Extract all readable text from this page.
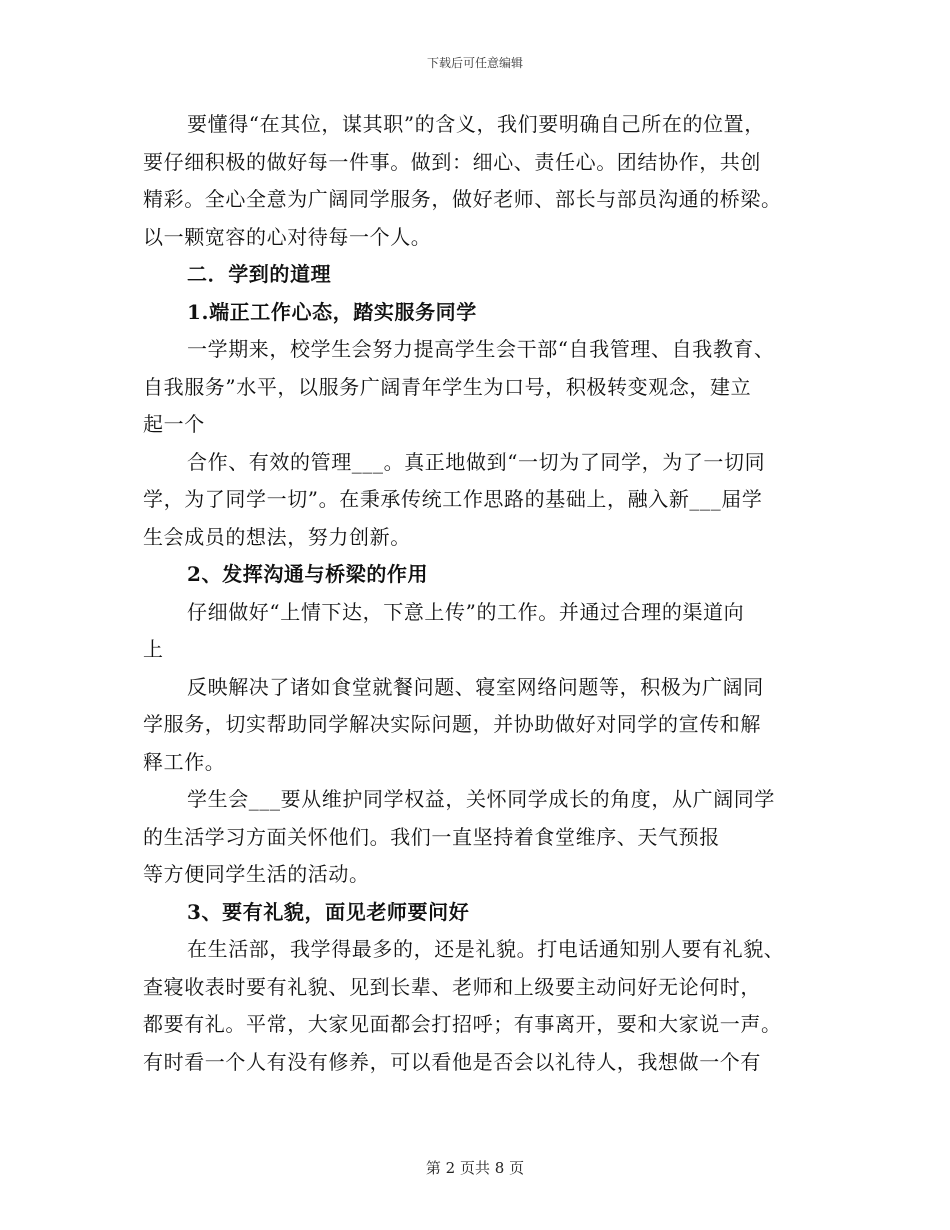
下载后可任意编辑
要懂得“在其位，谋其职”的含义，我们要明确自己所在的位置，
要仔细积极的做好每一件事。做到：细心、责任心。团结协作，共创
精彩。全心全意为广阔同学服务，做好老师、部长与部员沟通的桥梁。
以一颗宽容的心对待每一个人。
二．学到的道理
1.端正工作心态，踏实服务同学
一学期来，校学生会努力提高学生会干部“自我管理、自我教育、
自我服务”水平，以服务广阔青年学生为口号，积极转变观念，建立
起一个
合作、有效的管理___。真正地做到“一切为了同学，为了一切同
学，为了同学一切”。在秉承传统工作思路的基础上，融入新___届学
生会成员的想法，努力创新。
2、发挥沟通与桥梁的作用
仔细做好“上情下达，下意上传”的工作。并通过合理的渠道向
上
反映解决了诸如食堂就餐问题、寝室网络问题等，积极为广阔同
学服务，切实帮助同学解决实际问题，并协助做好对同学的宣传和解
释工作。
学生会___要从维护同学权益，关怀同学成长的角度，从广阔同学
的生活学习方面关怀他们。我们一直坚持着食堂维序、天气预报
等方便同学生活的活动。
3、要有礼貌，面见老师要问好
在生活部，我学得最多的，还是礼貌。打电话通知别人要有礼貌、
查寝收表时要有礼貌、见到长辈、老师和上级要主动问好无论何时，
都要有礼。平常，大家见面都会打招呼；有事离开，要和大家说一声。
有时看一个人有没有修养，可以看他是否会以礼待人，我想做一个有
第 2 页共 8 页
